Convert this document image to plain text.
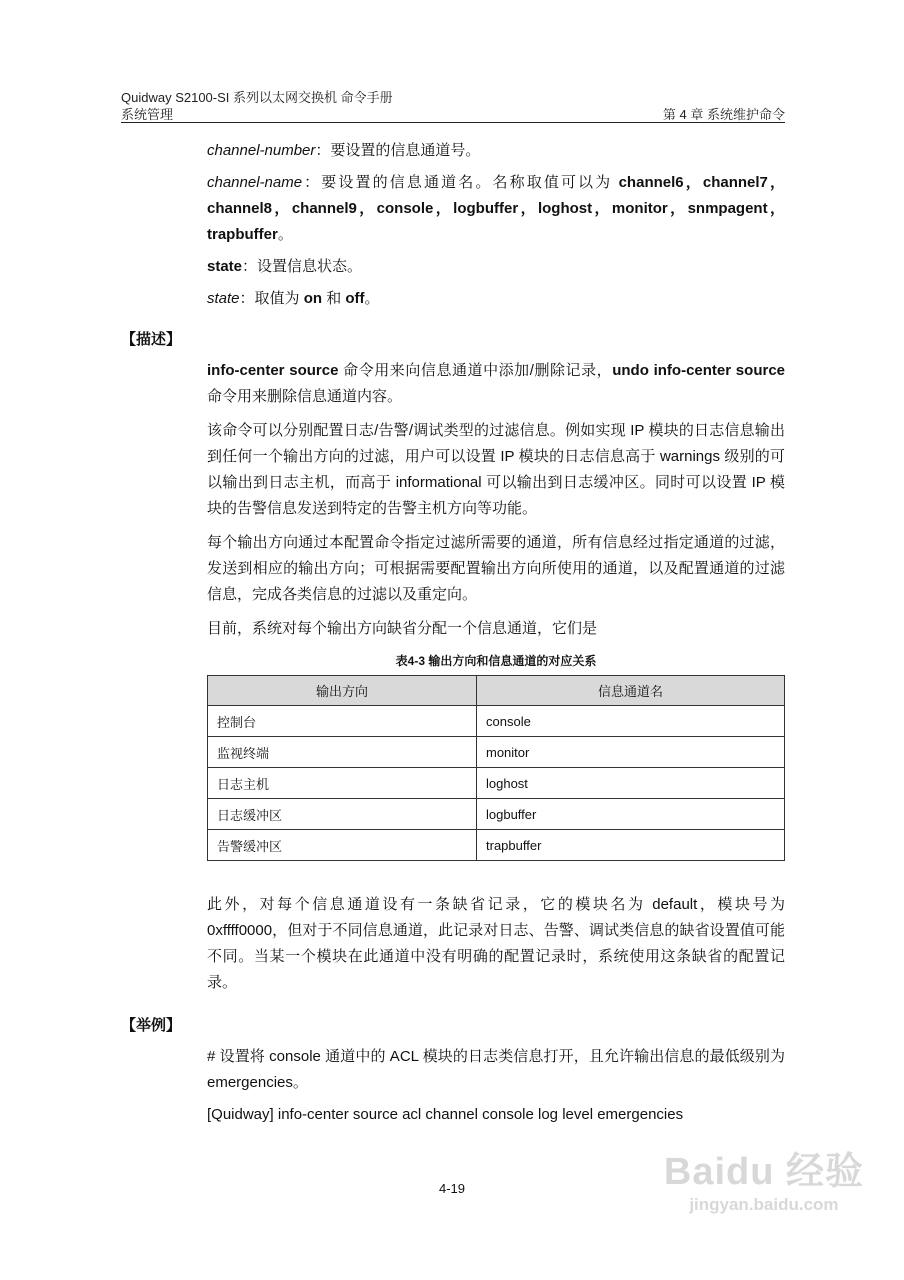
Quidway S2100-SI 系列以太网交换机 命令手册
系统管理	第 4 章 系统维护命令

channel-number：要设置的信息通道号。

channel-name：要设置的信息通道名。名称取值可以为 channel6，channel7，channel8，channel9，console，logbuffer，loghost，monitor，snmpagent，trapbuffer。

state：设置信息状态。

state：取值为 on 和 off。

【描述】

info-center source 命令用来向信息通道中添加/删除记录，undo info-center source 命令用来删除信息通道内容。

该命令可以分别配置日志/告警/调试类型的过滤信息。例如实现 IP 模块的日志信息输出到任何一个输出方向的过滤，用户可以设置 IP 模块的日志信息高于 warnings 级别的可以输出到日志主机，而高于 informational 可以输出到日志缓冲区。同时可以设置 IP 模块的告警信息发送到特定的告警主机方向等功能。

每个输出方向通过本配置命令指定过滤所需要的通道，所有信息经过指定通道的过滤，发送到相应的输出方向；可根据需要配置输出方向所使用的通道，以及配置通道的过滤信息，完成各类信息的过滤以及重定向。

目前，系统对每个输出方向缺省分配一个信息通道，它们是

表4-3 输出方向和信息通道的对应关系
输出方向	信息通道名
控制台	console
监视终端	monitor
日志主机	loghost
日志缓冲区	logbuffer
告警缓冲区	trapbuffer
此外，对每个信息通道设有一条缺省记录，它的模块名为 default，模块号为 0xffff0000，但对于不同信息通道，此记录对日志、告警、调试类信息的缺省设置值可能不同。当某一个模块在此通道中没有明确的配置记录时，系统使用这条缺省的配置记录。
【举例】

# 设置将 console 通道中的 ACL 模块的日志类信息打开，且允许输出信息的最低级别为 emergencies。

[Quidway] info-center source acl channel console log level emergencies

4-19	Baidu 经验
jingyan.baidu.com
